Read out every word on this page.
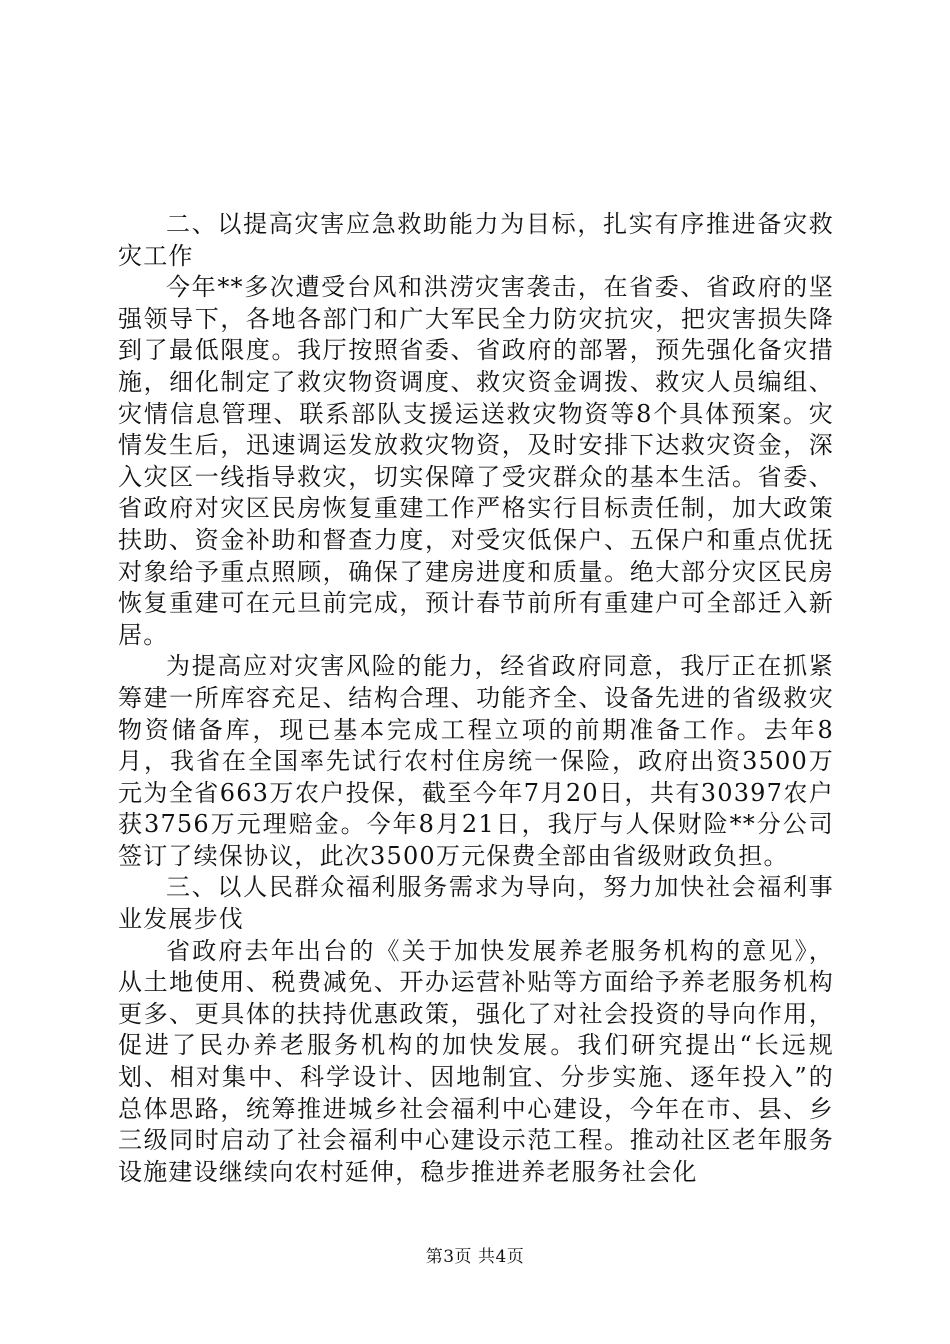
二、以提高灾害应急救助能力为目标，扎实有序推进备灾救灾工作

今年**多次遭受台风和洪涝灾害袭击，在省委、省政府的坚强领导下，各地各部门和广大军民全力防灾抗灾，把灾害损失降到了最低限度。我厅按照省委、省政府的部署，预先强化备灾措施，细化制定了救灾物资调度、救灾资金调拨、救灾人员编组、灾情信息管理、联系部队支援运送救灾物资等8个具体预案。灾情发生后，迅速调运发放救灾物资，及时安排下达救灾资金，深入灾区一线指导救灾，切实保障了受灾群众的基本生活。省委、省政府对灾区民房恢复重建工作严格实行目标责任制，加大政策扶助、资金补助和督查力度，对受灾低保户、五保户和重点优抚对象给予重点照顾，确保了建房进度和质量。绝大部分灾区民房恢复重建可在元旦前完成，预计春节前所有重建户可全部迁入新居。

为提高应对灾害风险的能力，经省政府同意，我厅正在抓紧筹建一所库容充足、结构合理、功能齐全、设备先进的省级救灾物资储备库，现已基本完成工程立项的前期准备工作。去年8月，我省在全国率先试行农村住房统一保险，政府出资3500万元为全省663万农户投保，截至今年7月20日，共有30397农户获3756万元理赔金。今年8月21日，我厅与人保财险**分公司签订了续保协议，此次3500万元保费全部由省级财政负担。

三、以人民群众福利服务需求为导向，努力加快社会福利事业发展步伐

省政府去年出台的《关于加快发展养老服务机构的意见》，从土地使用、税费减免、开办运营补贴等方面给予养老服务机构更多、更具体的扶持优惠政策，强化了对社会投资的导向作用，促进了民办养老服务机构的加快发展。我们研究提出“长远规划、相对集中、科学设计、因地制宜、分步实施、逐年投入”的总体思路，统筹推进城乡社会福利中心建设，今年在市、县、乡三级同时启动了社会福利中心建设示范工程。推动社区老年服务设施建设继续向农村延伸，稳步推进养老服务社会化

第3页 共4页
